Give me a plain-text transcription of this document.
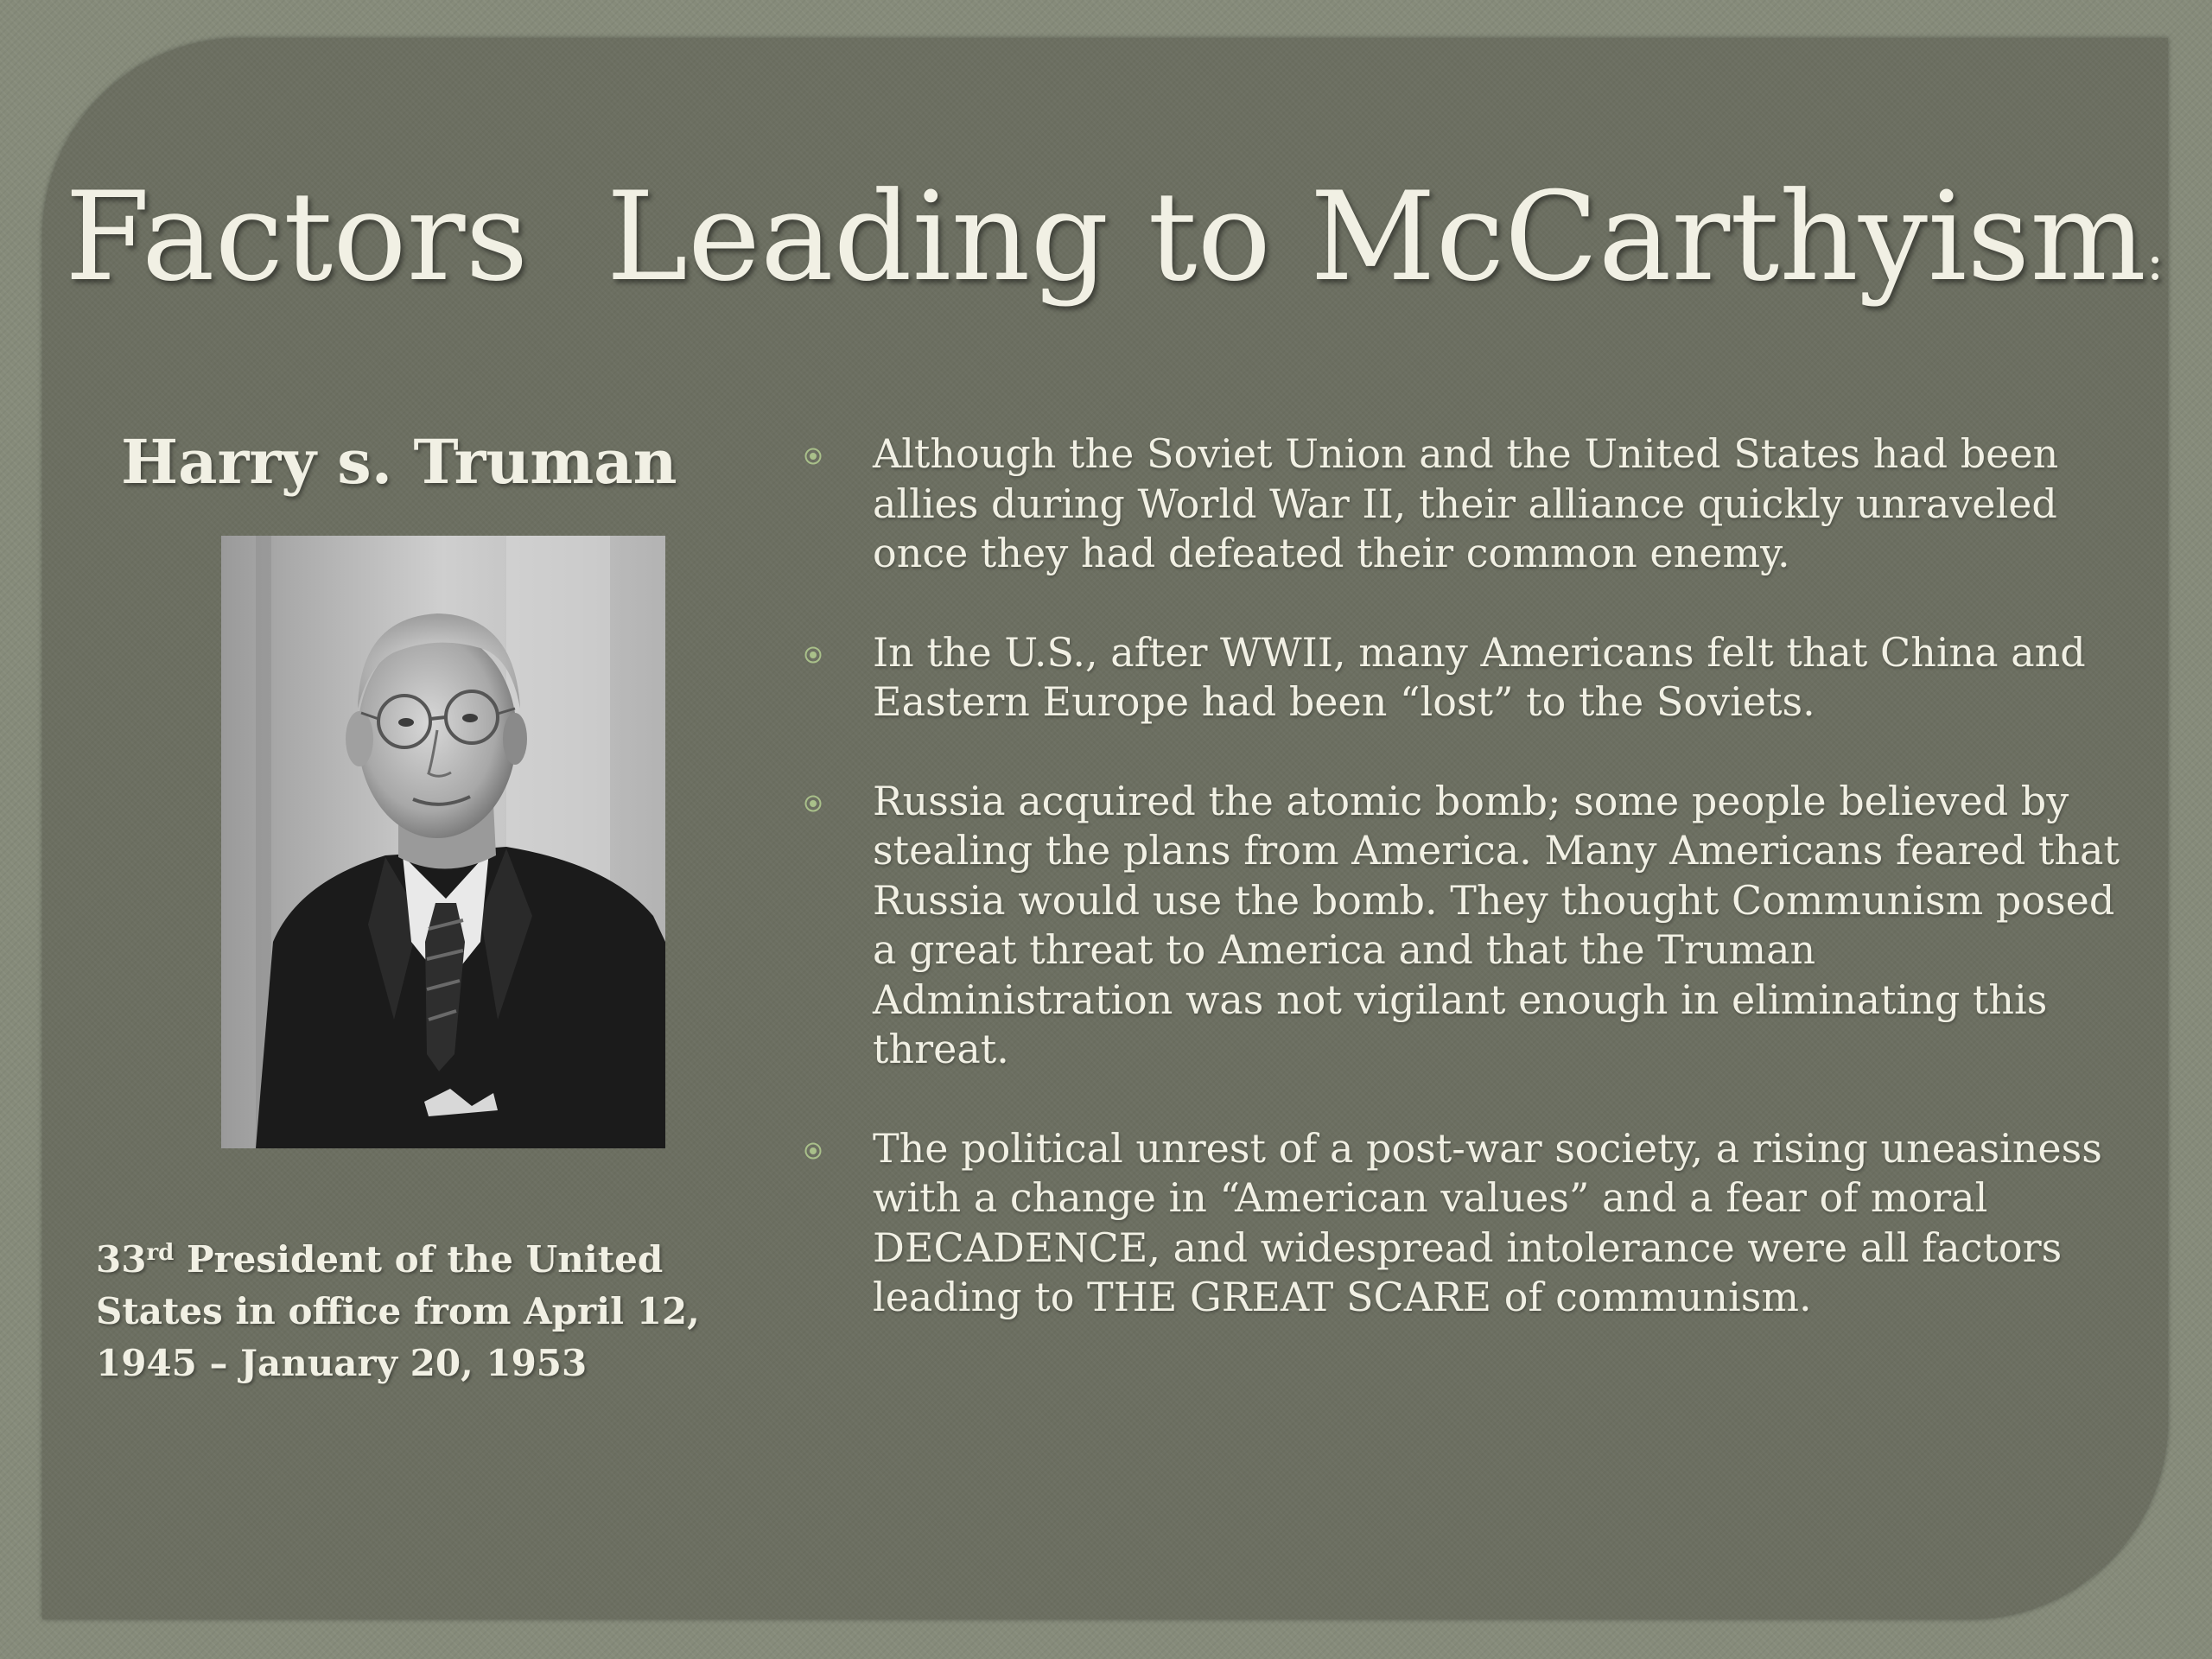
Factors  Leading to McCarthyism:
Harry s. Truman

33rd President of the United States in office from April 12, 1945 – January 20, 1953

Although the Soviet Union and the United States had been allies during World War II, their alliance quickly unraveled once they had defeated their common enemy.
In the U.S., after WWII, many Americans felt that China and Eastern Europe had been “lost” to the Soviets.
Russia acquired the atomic bomb; some people believed by stealing the plans from America. Many Americans feared that Russia would use the bomb. They thought Communism posed a great threat to America and that the Truman Administration was not vigilant enough in eliminating this threat.
The political unrest of a post-war society, a rising uneasiness with a change in “American values” and a fear of moral DECADENCE, and widespread intolerance were all factors leading to THE GREAT SCARE of communism.
